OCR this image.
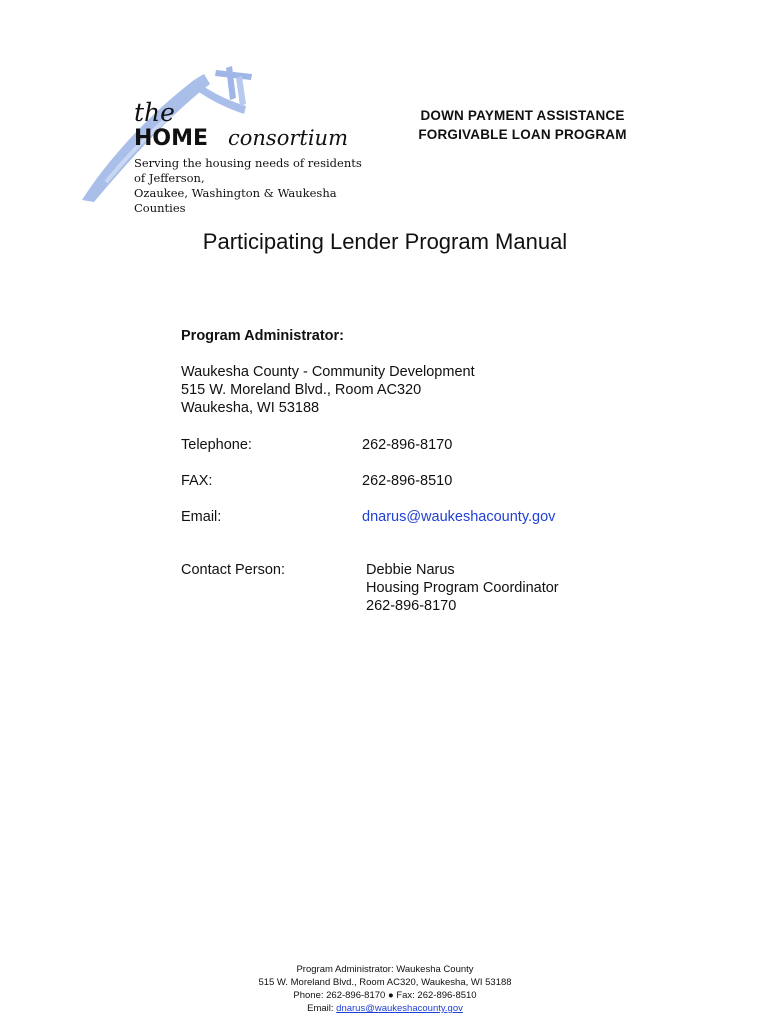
the
HOME consortium
Serving the housing needs of residents of Jefferson,
Ozaukee, Washington & Waukesha Counties
DOWN PAYMENT ASSISTANCE
FORGIVABLE LOAN PROGRAM
Participating Lender Program Manual
Program Administrator:
Waukesha County - Community Development
515 W. Moreland Blvd., Room AC320
Waukesha, WI 53188
Telephone:	262-896-8170
FAX:	262-896-8510
Email:	dnarus@waukeshacounty.gov
Contact Person:	Debbie Narus
Housing Program Coordinator
262-896-8170
Program Administrator: Waukesha County
515 W. Moreland Blvd., Room AC320, Waukesha, WI 53188
Phone: 262-896-8170 ● Fax: 262-896-8510
Email: dnarus@waukeshacounty.gov
